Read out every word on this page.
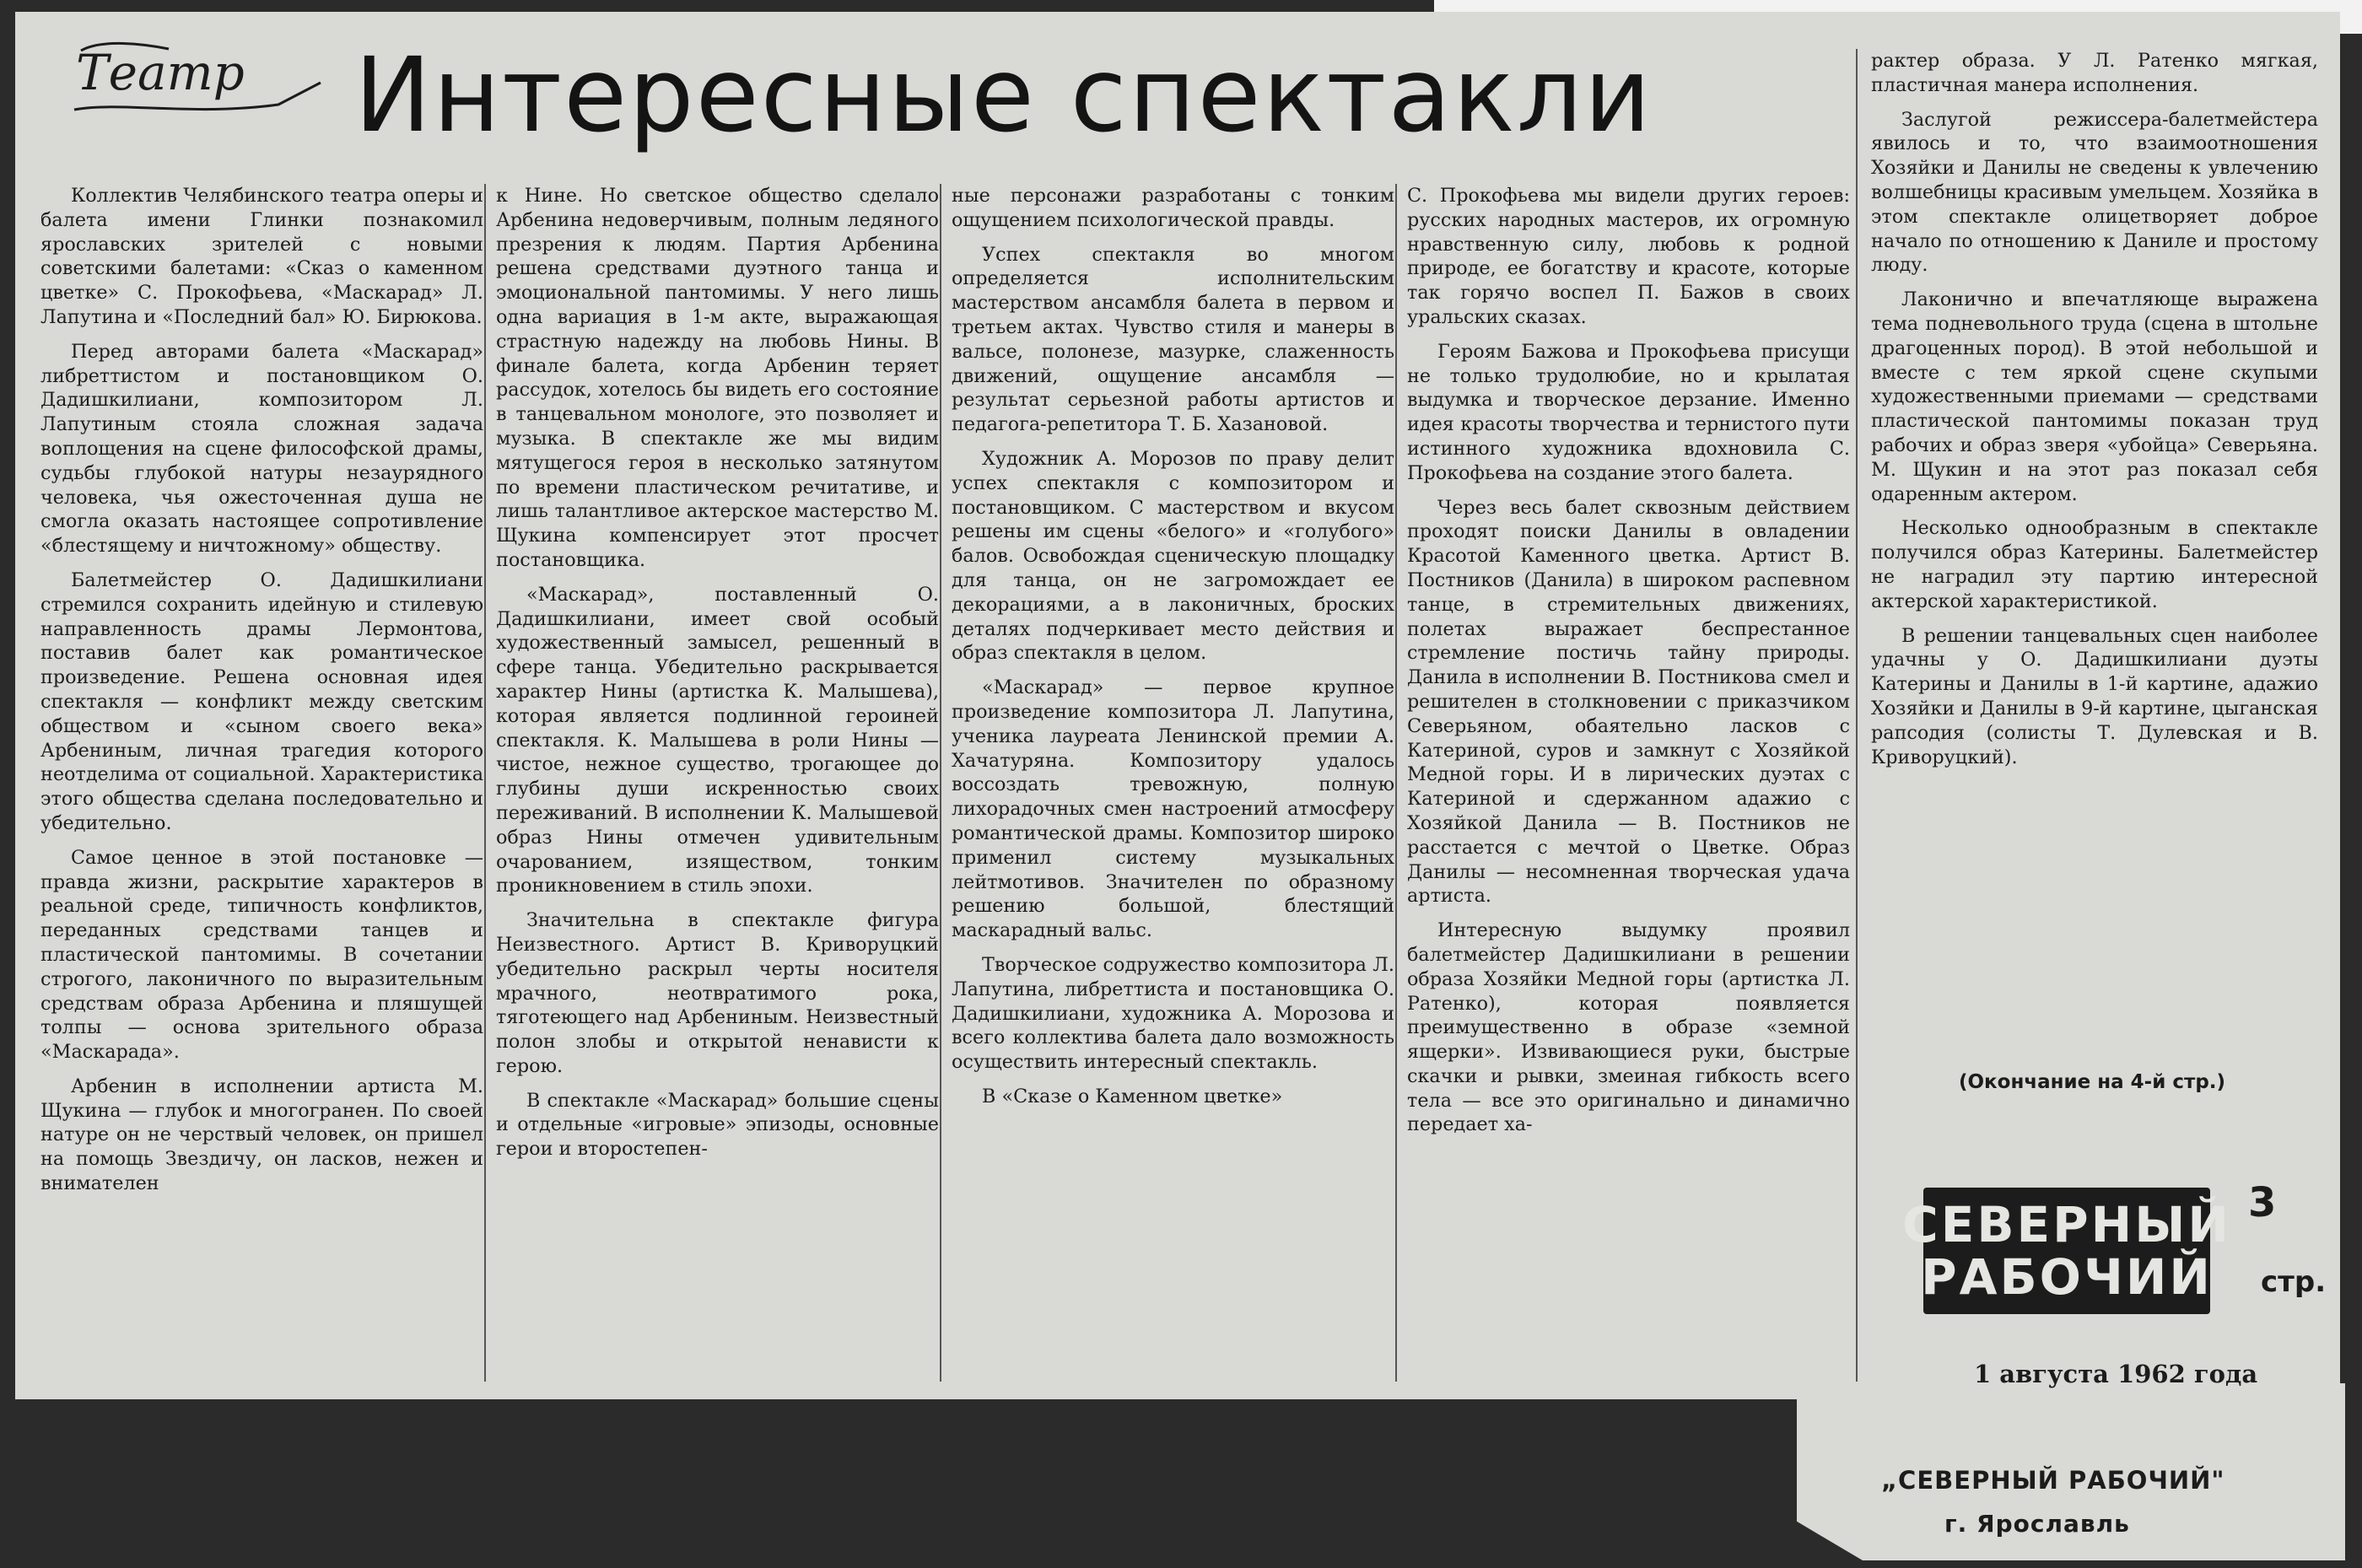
Театр Интересные спектакли

Коллектив Челябинского театра оперы и балета имени Глинки познакомил ярославских зрителей с новыми советскими балетами: «Сказ о каменном цветке» С. Прокофьева, «Маскарад» Л. Лапутина и «Последний бал» Ю. Бирюкова.

Перед авторами балета «Маскарад» либреттистом и постановщиком О. Дадишкилиани, композитором Л. Лапутиным стояла сложная задача воплощения на сцене философской драмы, судьбы глубокой натуры незаурядного человека, чья ожесточенная душа не смогла оказать настоящее сопротивление «блестящему и ничтожному» обществу.

Балетмейстер О. Дадишкилиани стремился сохранить идейную и стилевую направленность драмы Лермонтова, поставив балет как романтическое произведение. Решена основная идея спектакля — конфликт между светским обществом и «сыном своего века» Арбениным, личная трагедия которого неотделима от социальной. Характеристика этого общества сделана последовательно и убедительно.

Самое ценное в этой постановке — правда жизни, раскрытие характеров в реальной среде, типичность конфликтов, переданных средствами танцев и пластической пантомимы. В сочетании строгого, лаконичного по выразительным средствам образа Арбенина и пляшущей толпы — основа зрительного образа «Маскарада».

Арбенин в исполнении артиста М. Щукина — глубок и многогранен. По своей натуре он не черствый человек, он пришел на помощь Звездичу, он ласков, нежен и внимателен

к Нине. Но светское общество сделало Арбенина недоверчивым, полным ледяного презрения к людям. Партия Арбенина решена средствами дуэтного танца и эмоциональной пантомимы. У него лишь одна вариация в 1-м акте, выражающая страстную надежду на любовь Нины. В финале балета, когда Арбенин теряет рассудок, хотелось бы видеть его состояние в танцевальном монологе, это позволяет и музыка. В спектакле же мы видим мятущегося героя в несколько затянутом по времени пластическом речитативе, и лишь талантливое актерское мастерство М. Щукина компенсирует этот просчет постановщика.

«Маскарад», поставленный О. Дадишкилиани, имеет свой особый художественный замысел, решенный в сфере танца. Убедительно раскрывается характер Нины (артистка К. Малышева), которая является подлинной героиней спектакля. К. Малышева в роли Нины — чистое, нежное существо, трогающее до глубины души искренностью своих переживаний. В исполнении К. Малышевой образ Нины отмечен удивительным очарованием, изяществом, тонким проникновением в стиль эпохи.

Значительна в спектакле фигура Неизвестного. Артист В. Криворуцкий убедительно раскрыл черты носителя мрачного, неотвратимого рока, тяготеющего над Арбениным. Неизвестный полон злобы и открытой ненависти к герою.

В спектакле «Маскарад» большие сцены и отдельные «игровые» эпизоды, основные герои и второстепен-

ные персонажи разработаны с тонким ощущением психологической правды.

Успех спектакля во многом определяется исполнительским мастерством ансамбля балета в первом и третьем актах. Чувство стиля и манеры в вальсе, полонезе, мазурке, слаженность движений, ощущение ансамбля — результат серьезной работы артистов и педагога-репетитора Т. Б. Хазановой.

Художник А. Морозов по праву делит успех спектакля с композитором и постановщиком. С мастерством и вкусом решены им сцены «белого» и «голубого» балов. Освобождая сценическую площадку для танца, он не загромождает ее декорациями, а в лаконичных, броских деталях подчеркивает место действия и образ спектакля в целом.

«Маскарад» — первое крупное произведение композитора Л. Лапутина, ученика лауреата Ленинской премии А. Хачатуряна. Композитору удалось воссоздать тревожную, полную лихорадочных смен настроений атмосферу романтической драмы. Композитор широко применил систему музыкальных лейтмотивов. Значителен по образному решению большой, блестящий маскарадный вальс.

Творческое содружество композитора Л. Лапутина, либреттиста и постановщика О. Дадишкилиани, художника А. Морозова и всего коллектива балета дало возможность осуществить интересный спектакль.

В «Сказе о Каменном цветке»

С. Прокофьева мы видели других героев: русских народных мастеров, их огромную нравственную силу, любовь к родной природе, ее богатству и красоте, которые так горячо воспел П. Бажов в своих уральских сказах.

Героям Бажова и Прокофьева присущи не только трудолюбие, но и крылатая выдумка и творческое дерзание. Именно идея красоты творчества и тернистого пути истинного художника вдохновила С. Прокофьева на создание этого балета.

Через весь балет сквозным действием проходят поиски Данилы в овладении Красотой Каменного цветка. Артист В. Постников (Данила) в широком распевном танце, в стремительных движениях, полетах выражает беспрестанное стремление постичь тайну природы. Данила в исполнении В. Постникова смел и решителен в столкновении с приказчиком Северьяном, обаятельно ласков с Катериной, суров и замкнут с Хозяйкой Медной горы. И в лирических дуэтах с Катериной и сдержанном адажио с Хозяйкой Данила — В. Постников не расстается с мечтой о Цветке. Образ Данилы — несомненная творческая удача артиста.

Интересную выдумку проявил балетмейстер Дадишкилиани в решении образа Хозяйки Медной горы (артистка Л. Ратенко), которая появляется преимущественно в образе «земной ящерки». Извивающиеся руки, быстрые скачки и рывки, змеиная гибкость всего тела — все это оригинально и динамично передает ха-

рактер образа. У Л. Ратенко мягкая, пластичная манера исполнения.

Заслугой режиссера-балетмейстера явилось и то, что взаимоотношения Хозяйки и Данилы не сведены к увлечению волшебницы красивым умельцем. Хозяйка в этом спектакле олицетворяет доброе начало по отношению к Даниле и простому люду.

Лаконично и впечатляюще выражена тема подневольного труда (сцена в штольне драгоценных пород). В этой небольшой и вместе с тем яркой сцене скупыми художественными приемами — средствами пластической пантомимы показан труд рабочих и образ зверя «убойца» Северьяна. М. Щукин и на этот раз показал себя одаренным актером.

Несколько однообразным в спектакле получился образ Катерины. Балетмейстер не наградил эту партию интересной актерской характеристикой.

В решении танцевальных сцен наиболее удачны у О. Дадишкилиани дуэты Катерины и Данилы в 1-й картине, адажио Хозяйки и Данилы в 9-й картине, цыганская рапсодия (солисты Т. Дулевская и В. Криворуцкий).

(Окончание на 4-й стр.)
СЕВЕРНЫЙ
РАБОЧИЙ
3
стр.
1 августа 1962 года
„СЕВЕРНЫЙ РАБОЧИЙ"
г. Ярославль
